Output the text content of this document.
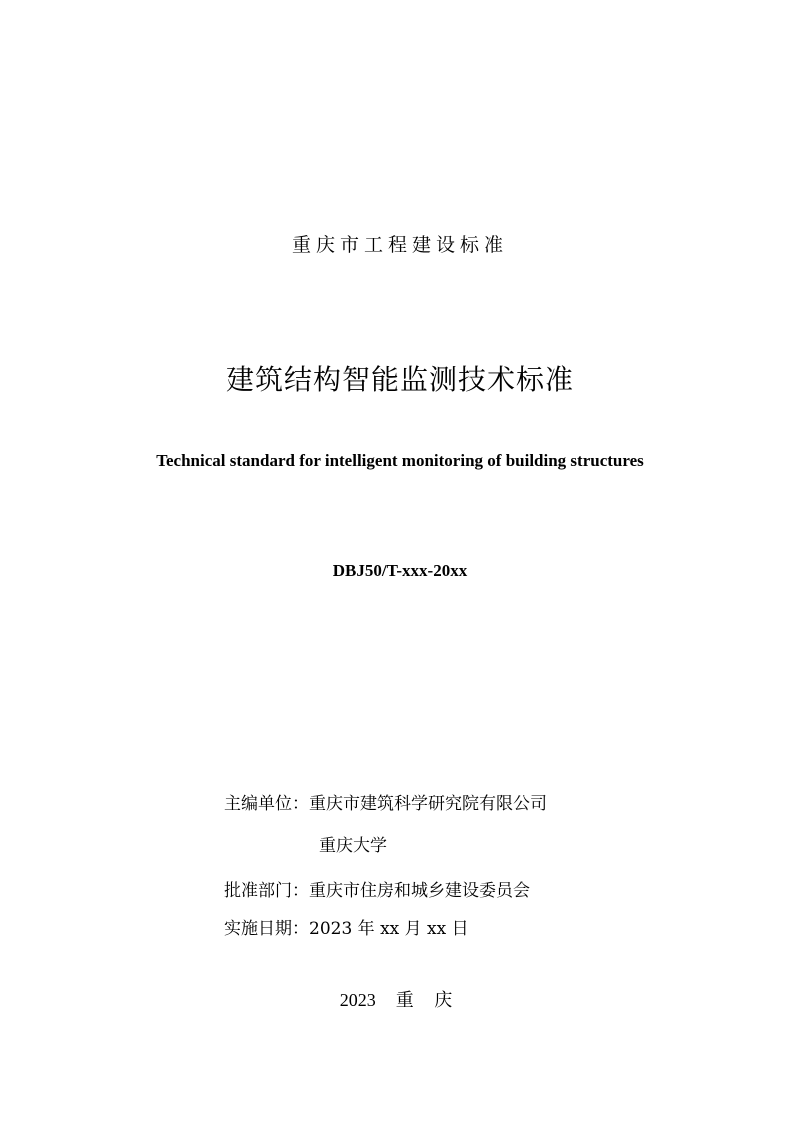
重庆市工程建设标准
建筑结构智能监测技术标准
Technical standard for intelligent monitoring of building structures
DBJ50/T-xxx-20xx
主编单位：重庆市建筑科学研究院有限公司
重庆大学
批准部门：重庆市住房和城乡建设委员会
实施日期：2023 年 xx 月 xx 日
2023 重 庆
